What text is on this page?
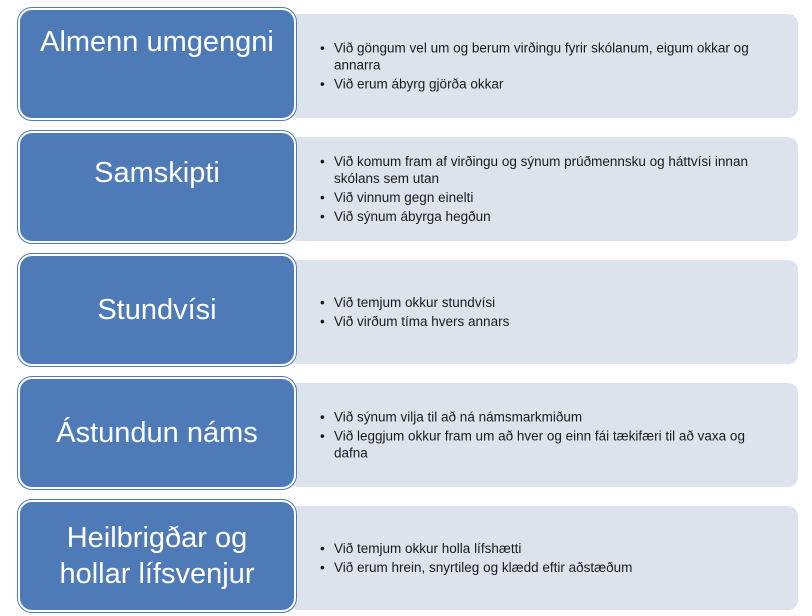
• Við göngum vel um og berum virðingu fyrir skólanum, eigum okkar og annarra
• Við erum ábyrg gjörða okkar
Almenn umgengni
• Við komum fram af virðingu og sýnum prúðmennsku og háttvísi innan skólans sem utan
• Við vinnum gegn einelti
• Við sýnum ábyrga hegðun
Samskipti
• Við temjum okkur stundvísi
• Við virðum tíma hvers annars
Stundvísi
• Við sýnum vilja til að ná námsmarkmiðum
• Við leggjum okkur fram um að hver og einn fái tækifæri til að vaxa og dafna
Ástundun náms
• Við temjum okkur holla lífshætti
• Við erum hrein, snyrtileg og klædd eftir aðstæðum
Heilbrigðar og hollar lífsvenjur
